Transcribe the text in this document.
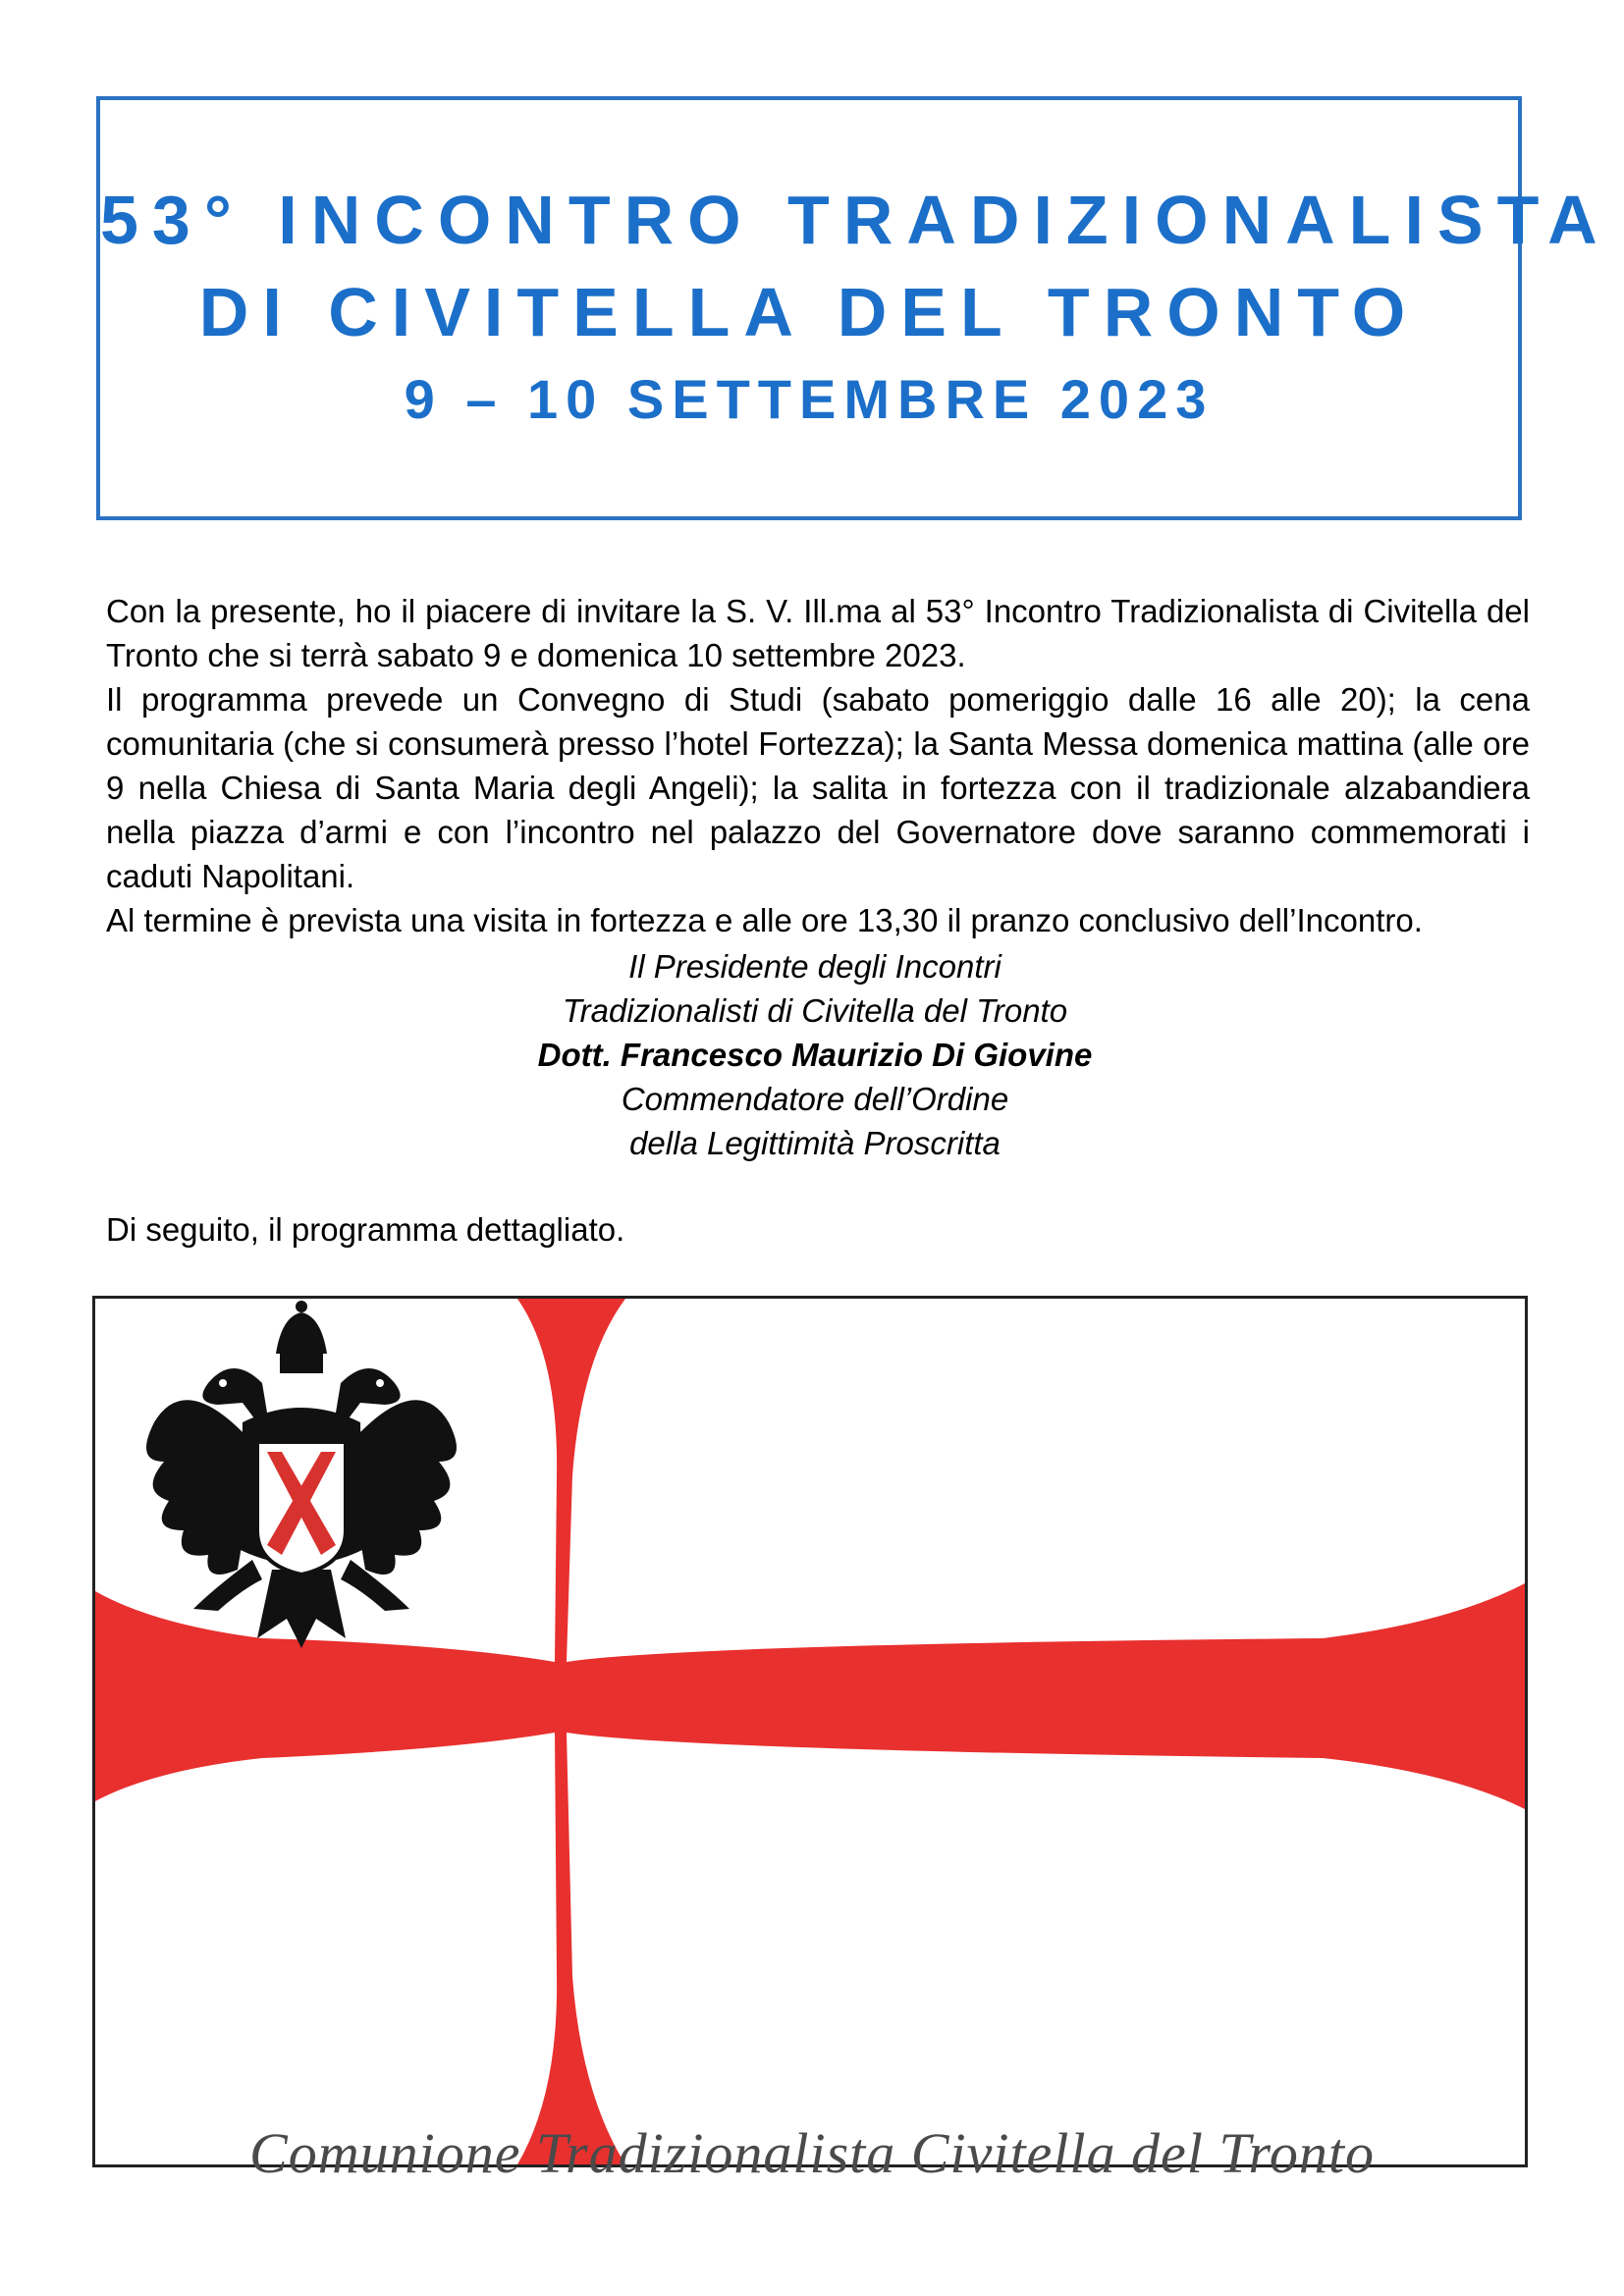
53° INCONTRO TRADIZIONALISTA
DI CIVITELLA DEL TRONTO
9 – 10 SETTEMBRE 2023

Con la presente, ho il piacere di invitare la S. V. Ill.ma al 53° Incontro Tradizionalista di Civitella del Tronto che si terrà sabato 9 e domenica 10 settembre 2023.

Il programma prevede un Convegno di Studi (sabato pomeriggio dalle 16 alle 20); la cena comunitaria (che si consumerà presso l’hotel Fortezza); la Santa Messa domenica mattina (alle ore 9 nella Chiesa di Santa Maria degli Angeli); la salita in fortezza con il tradizionale alzabandiera nella piazza d’armi e con l’incontro nel palazzo del Governatore dove saranno commemorati i caduti Napolitani.

Al termine è prevista una visita in fortezza e alle ore 13,30 il pranzo conclusivo dell’Incontro.

Il Presidente degli Incontri
Tradizionalisti di Civitella del Tronto
Dott. Francesco Maurizio Di Giovine
Commendatore dell’Ordine
della Legittimità Proscritta
Di seguito, il programma dettagliato.
Comunione Tradizionalista Civitella del Tronto
